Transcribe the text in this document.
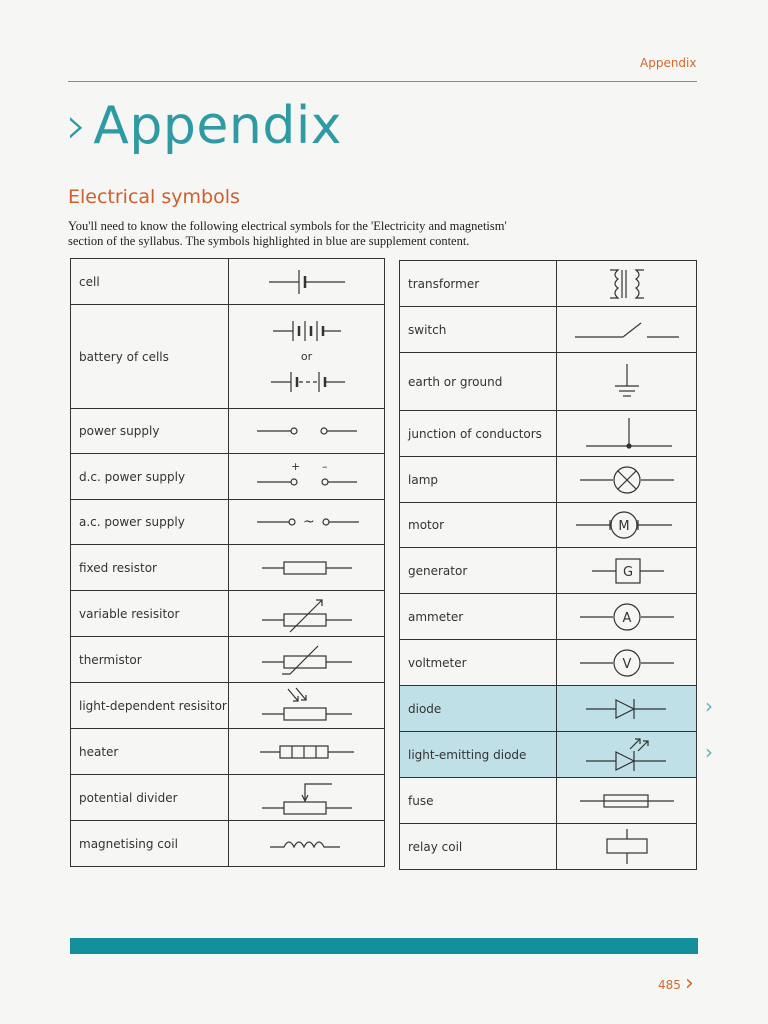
Appendix
› Appendix
Electrical symbols

You'll need to know the following electrical symbols for the 'Electricity and magnetism' section of the syllabus. The symbols highlighted in blue are supplement content.

cell	

battery of cells	or

power supply	

d.c. power supply	+ –

a.c. power supply	~

fixed resistor	

variable resisitor	

thermistor	

light-dependent resisitor	

heater	

potential divider	

magnetising coil	
transformer	

switch	

earth or ground	

junction of conductors	

lamp	

motor	M

generator	G

ammeter	A

voltmeter	V

diode	

light-emitting diode	

fuse	

relay coil	
›
›
485 ›
